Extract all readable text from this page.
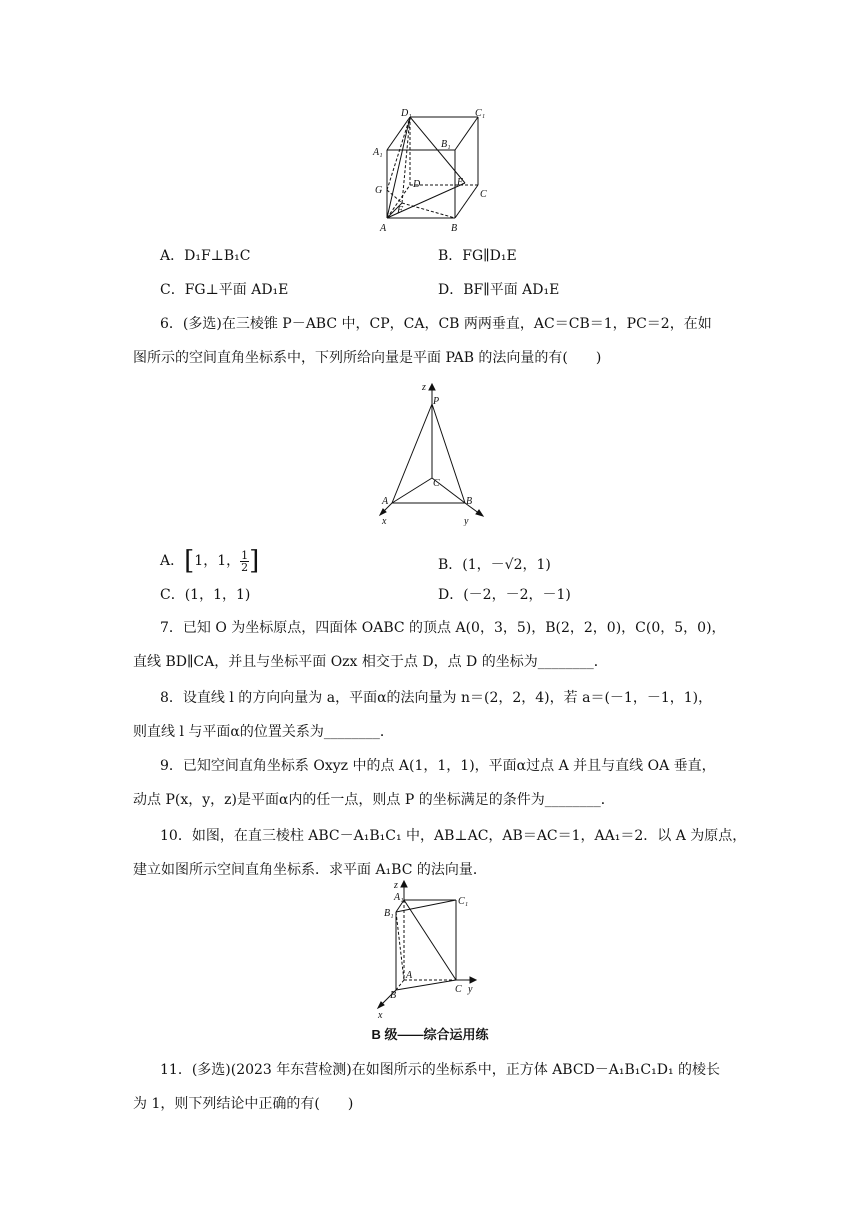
D₁	C₁
A₁
B₁
G
D	E
C
F
A	B
A．D₁F⊥B₁C	B．FG∥D₁E
C．FG⊥平面 AD₁E	D．BF∥平面 AD₁E
6．(多选)在三棱锥 P－ABC 中，CP，CA，CB 两两垂直，AC＝CB＝1，PC＝2，在如
图所示的空间直角坐标系中，下列所给向量是平面 PAB 的法向量的有(　　)
z
P
C
A	B
x	y
A．[1，1， $\frac{1}{2}$ ]	B．(1，－√2，1)
C．(1，1，1)	D．(－2，－2，－1)
7．已知 O 为坐标原点，四面体 OABC 的顶点 A(0，3，5)，B(2，2，0)，C(0，5，0)，
直线 BD∥CA，并且与坐标平面 Ozx 相交于点 D，点 D 的坐标为________．
8．设直线 l 的方向向量为 a，平面α的法向量为 n＝(2，2，4)，若 a＝(－1，－1，1)，
则直线 l 与平面α的位置关系为________．
9．已知空间直角坐标系 Oxyz 中的点 A(1，1，1)，平面α过点 A 并且与直线 OA 垂直，
动点 P(x，y，z)是平面α内的任一点，则点 P 的坐标满足的条件为________．
10．如图，在直三棱柱 ABC－A₁B₁C₁ 中，AB⊥AC，AB＝AC＝1，AA₁＝2．以 A 为原点，
建立如图所示空间直角坐标系．求平面 A₁BC 的法向量．
z
A₁	C₁
B₁
A
C
B
y
x
B 级——综合运用练
11．(多选)(2023 年东营检测)在如图所示的坐标系中，正方体 ABCD－A₁B₁C₁D₁ 的棱长
为 1，则下列结论中正确的有(　　)
